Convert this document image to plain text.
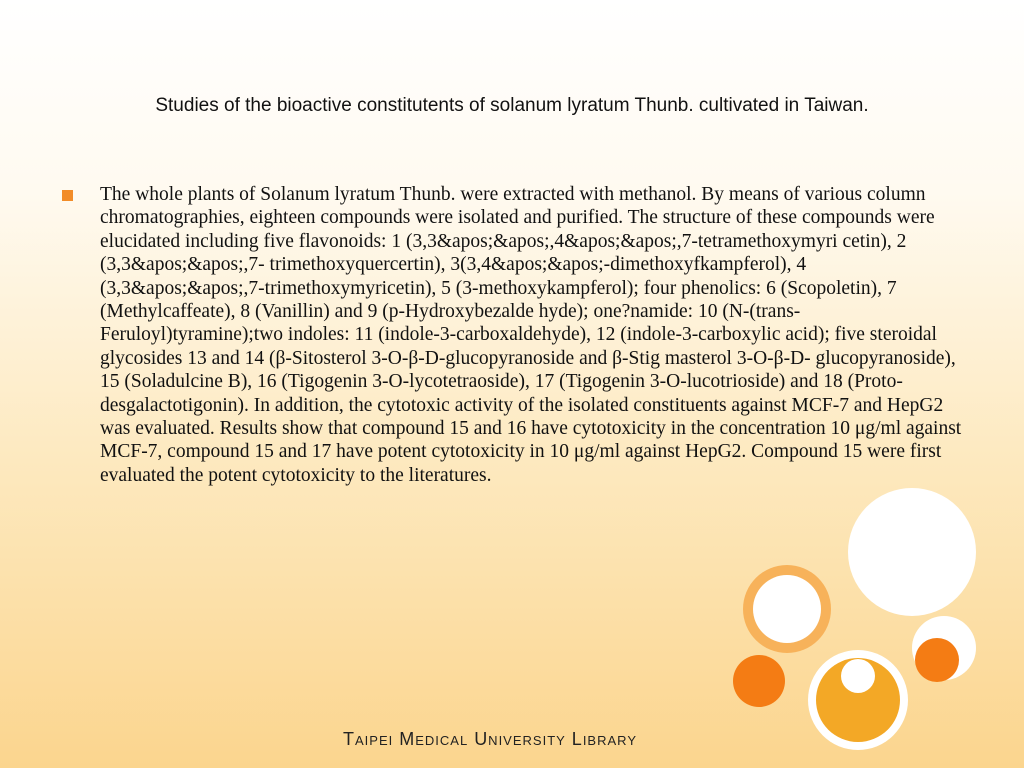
Studies of the bioactive constitutents of solanum lyratum Thunb. cultivated in Taiwan.

The whole plants of Solanum lyratum Thunb. were extracted with methanol. By means of various column chromatographies, eighteen compounds were isolated and purified. The structure of these compounds were elucidated including five flavonoids: 1 (3,3&apos;&apos;,4&apos;&apos;,7-tetramethoxymyri cetin), 2 (3,3&apos;&apos;,7- trimethoxyquercertin), 3(3,4&apos;&apos;-dimethoxyfkampferol), 4 (3,3&apos;&apos;,7-trimethoxymyricetin), 5 (3-methoxykampferol); four phenolics: 6 (Scopoletin), 7 (Methylcaffeate), 8 (Vanillin) and 9 (p-Hydroxybezalde hyde); one?namide: 10 (N-(trans-Feruloyl)tyramine);two indoles: 11 (indole-3-carboxaldehyde), 12 (indole-3-carboxylic acid); five steroidal glycosides 13 and 14 (β-Sitosterol 3-O-β-D-glucopyranoside and β-Stig masterol 3-O-β-D- glucopyranoside), 15 (Soladulcine B), 16 (Tigogenin 3-O-lycotetraoside), 17 (Tigogenin 3-O-lucotrioside) and 18 (Proto- desgalactotigonin). In addition, the cytotoxic activity of the isolated constituents against MCF-7 and HepG2 was evaluated. Results show that compound 15 and 16 have cytotoxicity in the concentration 10 μg/ml against MCF-7, compound 15 and 17 have potent cytotoxicity in 10 μg/ml against HepG2. Compound 15 were first evaluated the potent cytotoxicity to the literatures.

Taipei Medical University Library
